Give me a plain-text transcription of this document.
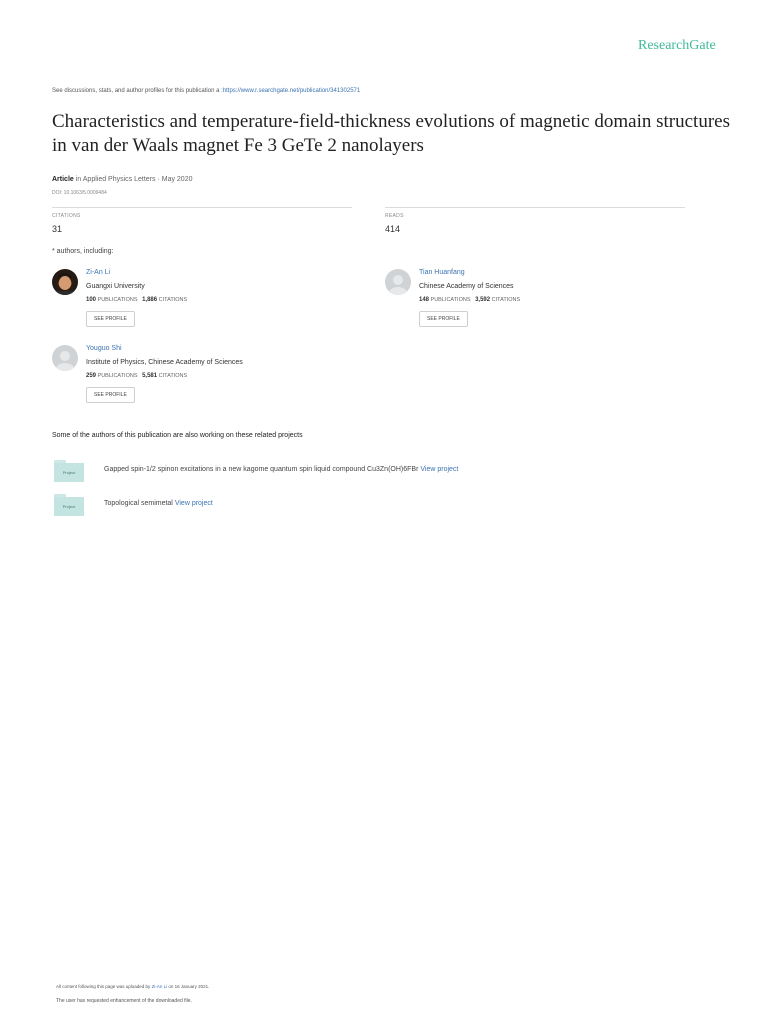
ResearchGate
See discussions, stats, and author profiles for this publication a :https://www.r.searchgate.net/publication/341302571
Characteristics and temperature-field-thickness evolutions of magnetic domain structures in van der Waals magnet Fe 3 GeTe 2 nanolayers
Article in Applied Physics Letters · May 2020
DOI: 10.1063/5.0009484
CITATIONS
31
READS
414
* authors, including:
Zi-An Li
Guangxi University
100 PUBLICATIONS 1,886 CITATIONS
SEE PROFILE
Tian Huanfang
Chinese Academy of Sciences
148 PUBLICATIONS 3,592 CITATIONS
SEE PROFILE
Youguo Shi
Institute of Physics, Chinese Academy of Sciences
259 PUBLICATIONS 5,581 CITATIONS
SEE PROFILE
Some of the authors of this publication are also working on these related projects
Project	Gapped spin-1/2 spinon excitations in a new kagome quantum spin liquid compound Cu3Zn(OH)6FBr View project
Project	Topological semimetal View project
All content following this page was uploaded by Zi-An Li on 16 January 2021.
The user has requested enhancement of the downloaded file.
